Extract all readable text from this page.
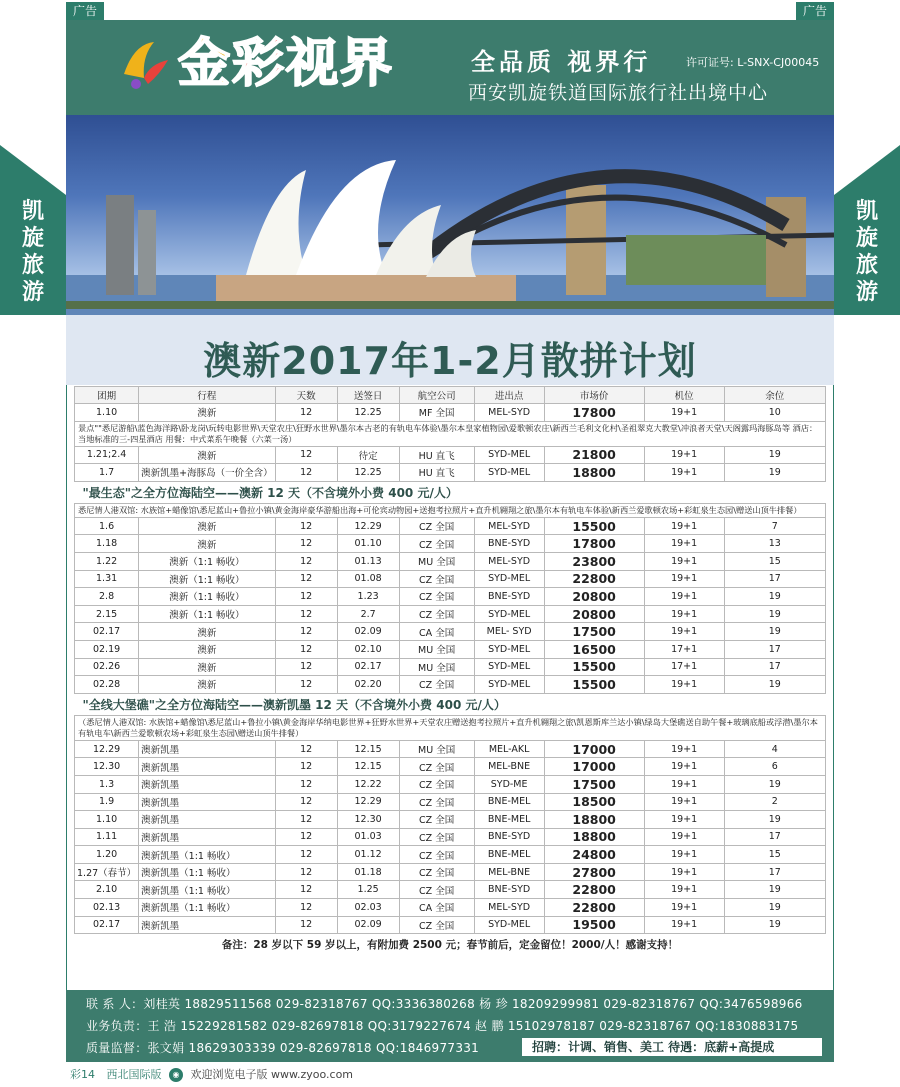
广告	广告
凯
旋
旅
游
凯
旋
旅
游
金彩视界	全品质 视界行	许可证号: L-SNX-CJ00045
西安凯旋铁道国际旅行社出境中心
澳新2017年1-2月散拼计划
团期	行程	天数	送签日	航空公司	进出点	市场价	机位	余位
1.10	澳新	12	12.25	MF 全国	MEL-SYD	17800	19+1	10
景点""悉尼游船\蓝色海洋路\卧龙岗\玩转电影世界\天堂农庄\狂野水世界\墨尔本古老的有轨电车体验\墨尔本皇家植物园\爱歌顿农庄\新西兰毛利文化村\圣祖翠克大教堂\冲浪者天堂\天阁露玛海豚岛等 酒店：当地标准的三-四星酒店 用餐：中式菜系午晚餐（六菜一汤）								
1.21;2.4	澳新	12	待定	HU 直飞	SYD-MEL	21800	19+1	19
1.7	澳新凯墨+海豚岛（一价全含）	12	12.25	HU 直飞	SYD-MEL	18800	19+1	19
"最生态"之全方位海陆空——澳新 12 天（不含境外小费 400 元/人）								
悉尼情人港双馆: 水族馆+蜡像馆\悉尼蓝山+鲁拉小镇\黄金海岸豪华游船出海+可伦宾动物园+送抱考拉照片+直升机翱翔之旅\墨尔本有轨电车体验\新西兰爱歌顿农场+彩虹泉生态园\赠送山顶牛排餐）								
1.6	澳新	12	12.29	CZ 全国	MEL-SYD	15500	19+1	7
1.18	澳新	12	01.10	CZ 全国	BNE-SYD	17800	19+1	13
1.22	澳新（1:1 畅收）	12	01.13	MU 全国	MEL-SYD	23800	19+1	15
1.31	澳新（1:1 畅收）	12	01.08	CZ 全国	SYD-MEL	22800	19+1	17
2.8	澳新（1:1 畅收）	12	1.23	CZ 全国	BNE-SYD	20800	19+1	19
2.15	澳新（1:1 畅收）	12	2.7	CZ 全国	SYD-MEL	20800	19+1	19
02.17	澳新	12	02.09	CA 全国	MEL- SYD	17500	19+1	19
02.19	澳新	12	02.10	MU 全国	SYD-MEL	16500	17+1	17
02.26	澳新	12	02.17	MU 全国	SYD-MEL	15500	17+1	17
02.28	澳新	12	02.20	CZ 全国	SYD-MEL	15500	19+1	19
"全线大堡礁"之全方位海陆空——澳新凯墨 12 天（不含境外小费 400 元/人）								
（悉尼情人港双馆: 水族馆+蜡像馆\悉尼蓝山+鲁拉小镇\黄金海岸华纳电影世界+狂野水世界+天堂农庄赠送抱考拉照片+直升机翱翔之旅\凯恩斯库兰达小镇\绿岛大堡礁送自助午餐+玻璃底船或浮潜\墨尔本有轨电车\新西兰爱歌顿农场+彩虹泉生态园\赠送山顶牛排餐）								
12.29	澳新凯墨	12	12.15	MU 全国	MEL-AKL	17000	19+1	4
12.30	澳新凯墨	12	12.15	CZ 全国	MEL-BNE	17000	19+1	6
1.3	澳新凯墨	12	12.22	CZ 全国	SYD-ME	17500	19+1	19
1.9	澳新凯墨	12	12.29	CZ 全国	BNE-MEL	18500	19+1	2
1.10	澳新凯墨	12	12.30	CZ 全国	BNE-MEL	18800	19+1	19
1.11	澳新凯墨	12	01.03	CZ 全国	BNE-SYD	18800	19+1	17
1.20	澳新凯墨（1:1 畅收）	12	01.12	CZ 全国	BNE-MEL	24800	19+1	15
1.27（春节）	澳新凯墨（1:1 畅收）	12	01.18	CZ 全国	MEL-BNE	27800	19+1	17
2.10	澳新凯墨（1:1 畅收）	12	1.25	CZ 全国	BNE-SYD	22800	19+1	19
02.13	澳新凯墨（1:1 畅收）	12	02.03	CA 全国	MEL-SYD	22800	19+1	19
02.17	澳新凯墨	12	02.09	CZ 全国	SYD-MEL	19500	19+1	19
备注：28 岁以下 59 岁以上，有附加费 2500 元；春节前后，定金留位！2000/人！感谢支持！								
联 系 人：刘桂英 18829511568 029-82318767 QQ:3336380268 杨 珍 18209299981 029-82318767 QQ:3476598966
业务负责：王 浩 15229281582 029-82697818 QQ:3179227674 赵 鹏 15102978187 029-82318767 QQ:1830883175
质量监督：张文娟 18629303339 029-82697818 QQ:1846977331	招聘：计调、销售、美工 待遇：底薪+高提成
彩14 西北国际版 ◉ 欢迎浏览电子版 www.zyoo.com
